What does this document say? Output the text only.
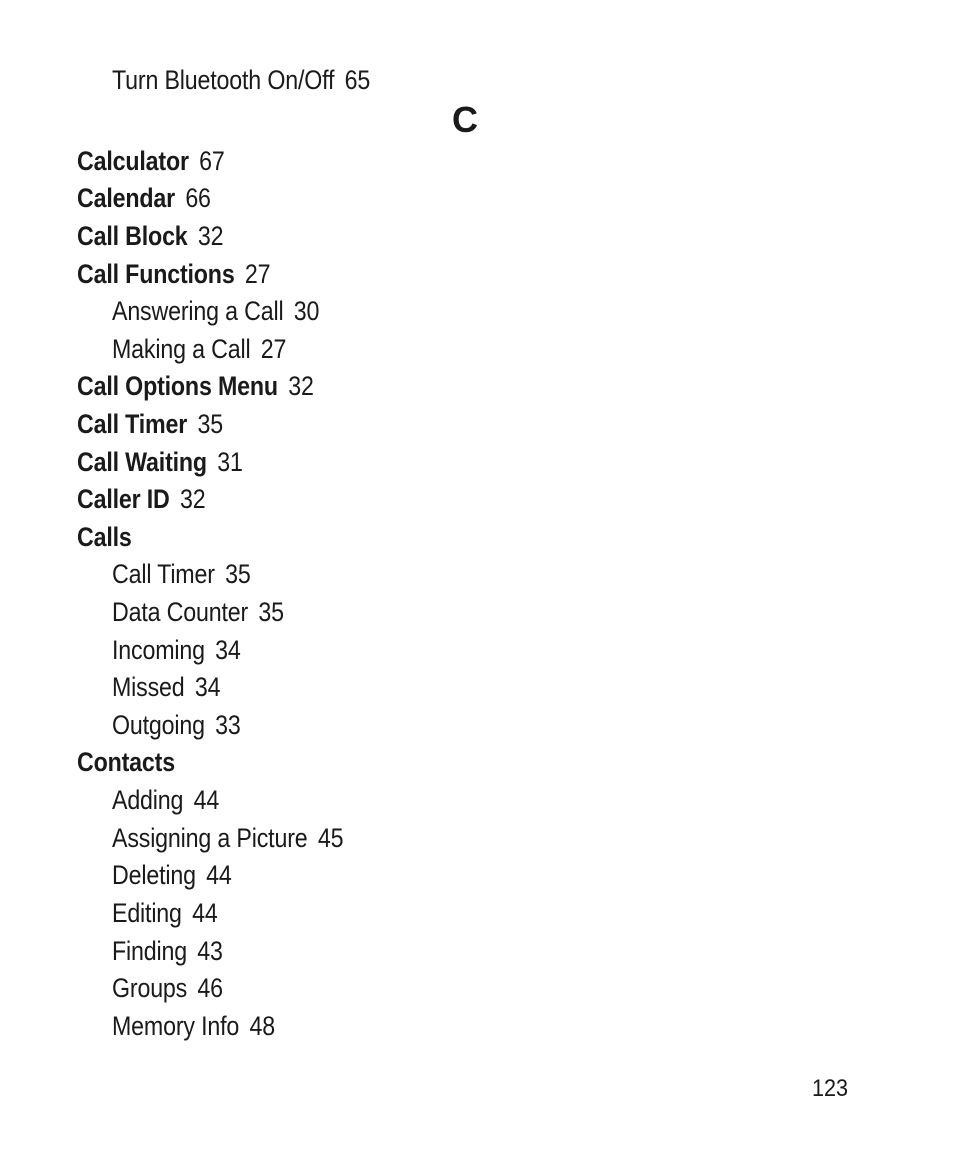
C
Turn Bluetooth On/Off 65
Calculator 67
Calendar 66
Call Block 32
Call Functions 27
Answering a Call 30
Making a Call 27
Call Options Menu 32
Call Timer 35
Call Waiting 31
Caller ID 32
Calls
Call Timer 35
Data Counter 35
Incoming 34
Missed 34
Outgoing 33
Contacts
Adding 44
Assigning a Picture 45
Deleting 44
Editing 44
Finding 43
Groups 46
Memory Info 48
123
